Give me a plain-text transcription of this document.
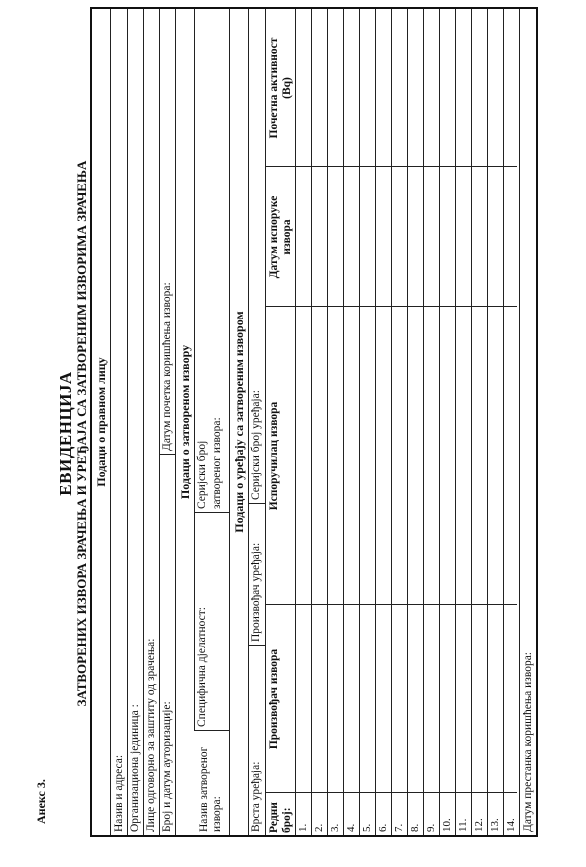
Анекс 3.
ЕВИДЕНЦИЈА ЗАТВОРЕНИХ ИЗВОРА ЗРАЧЕЊА И УРЕЂАЈА СА ЗАТВОРЕНИМ ИЗВОРИМА ЗРАЧЕЊА Подаци о правном лицу
Назив и адреса: Организациона јединица : Лице одговорно за заштиту од зрачења: Број и датум ауторизације:
Датум почетка коришћења извора: Подаци о затвореном извору
Назив затвореног извора:
Специфична дјелатност:
Серијски број затвореног извора: Подаци о уређају са затвореним извором
Врста уређаја:
Произвођач уређаја:
Серијски број уређаја:
Редни број:
Произвођач извора
Испоручилац извора
Датум испоруке извора
Почетна активност (Bq)
1. 2. 3. 4. 5. 6. 7. 8. 9. 10. 11. 12. 13. 14. Датум престанка коришћења извора:
